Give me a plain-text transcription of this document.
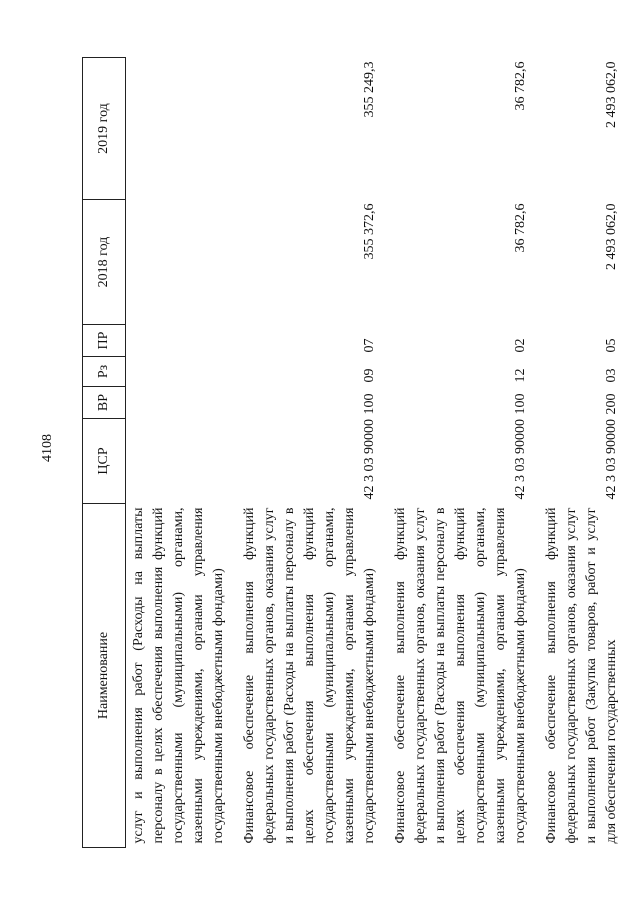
4108
Наименование	ЦСР	ВР	Рз	ПР	2018 год	2019 год
услуг и выполнения работ (Расходы на выплаты персоналу в целях обеспечения выполнения функций государственными (муниципальными) органами, казенными учреждениями, органами управления государственными внебюджетными фондами)						
Финансовое обеспечение выполнения функций федеральных государственных органов, оказания услуг и выполнения работ (Расходы на выплаты персоналу в целях обеспечения выполнения функций государственными (муниципальными) органами, казенными учреждениями, органами управления государственными внебюджетными фондами)	42 3 03 90000	100	09	07	355 372,6	355 249,3
Финансовое обеспечение выполнения функций федеральных государственных органов, оказания услуг и выполнения работ (Расходы на выплаты персоналу в целях обеспечения выполнения функций государственными (муниципальными) органами, казенными учреждениями, органами управления государственными внебюджетными фондами)	42 3 03 90000	100	12	02	36 782,6	36 782,6
Финансовое обеспечение выполнения функций федеральных государственных органов, оказания услуг и выполнения работ (Закупка товаров, работ и услуг для обеспечения государственных	42 3 03 90000	200	03	05	2 493 062,0	2 493 062,0
